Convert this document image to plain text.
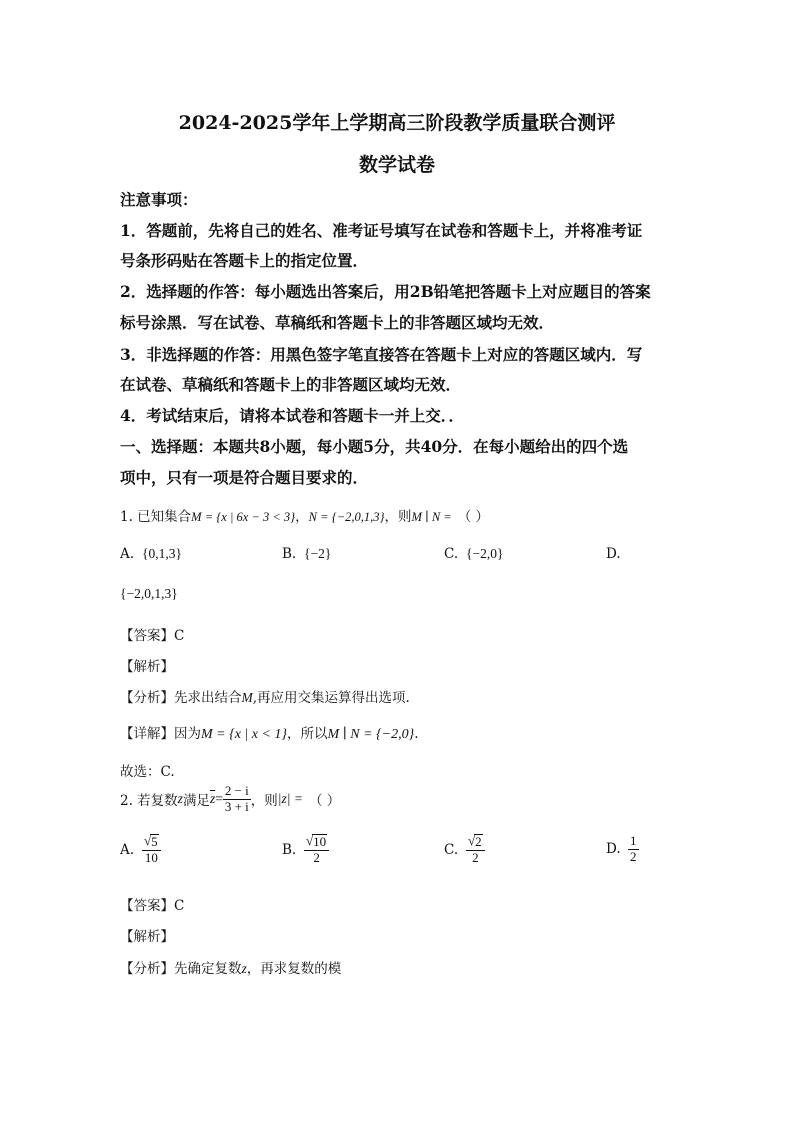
2024-2025学年上学期高三阶段教学质量联合测评
数学试卷
注意事项：
1．答题前，先将自己的姓名、准考证号填写在试卷和答题卡上，并将准考证
号条形码贴在答题卡上的指定位置．
2．选择题的作答：每小题选出答案后，用2B铅笔把答题卡上对应题目的答案
标号涂黑．写在试卷、草稿纸和答题卡上的非答题区域均无效．
3．非选择题的作答：用黑色签字笔直接答在答题卡上对应的答题区域内．写
在试卷、草稿纸和答题卡上的非答题区域均无效．
4．考试结束后，请将本试卷和答题卡一并上交．．
一、选择题：本题共8小题，每小题5分，共40分．在每小题给出的四个选
项中，只有一项是符合题目要求的．
1. 已知集合M = {x | 6x − 3 < 3}，N = {−2,0,1,3}，则M ∣ N = （ ）
A. {0,1,3}	B. {−2}	C. {−2,0}	D.
{−2,0,1,3}
【答案】C
【解析】
【分析】先求出结合M,再应用交集运算得出选项.
【详解】因为M = {x | x < 1}，所以M ∣ N = {−2,0}.
故选：C.
2. 若复数 z 满足 $\overline{z} = \frac{2 - i}{3 + i}$ ，则 |z| = （ ）
A. $\frac{√ 5}{10}$	B. $\frac{√ 10}{2}$	C. $\frac{√ 2}{2}$	D. $\frac{1}{2}$
【答案】C
【解析】
【分析】先确定复数z，再求复数的模
